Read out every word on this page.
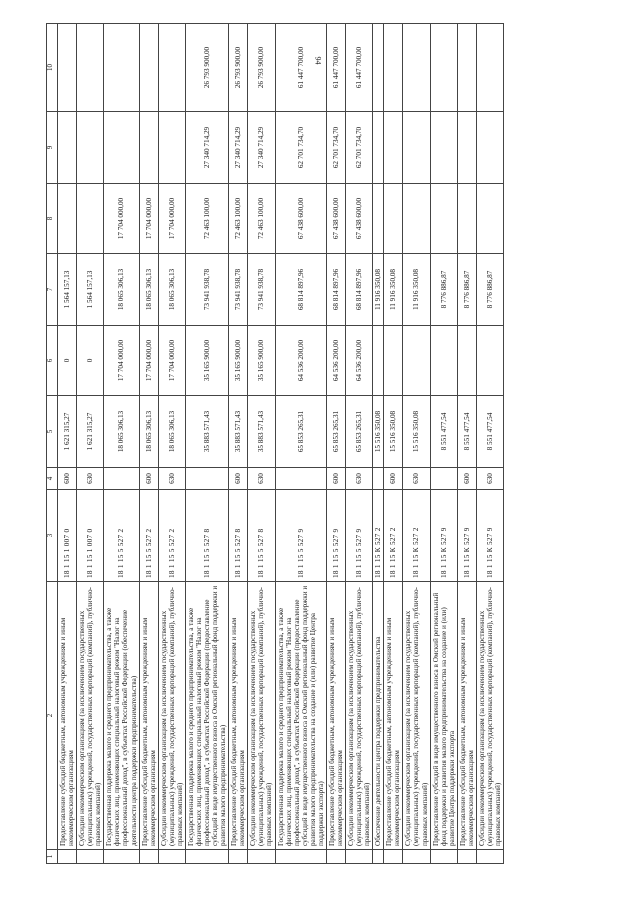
94
1	2	3	4	5	6	7	8	9	10
	Предоставление субсидий бюджетным, автономным учреждениям и иным некоммерческим организациям	18 1 15 1 007 0	600	1 621 315,27	0	1 564 157,13			
	Субсидии некоммерческим организациям (за исключением государственных (муниципальных) учреждений, государственных корпораций (компаний), публично-правовых компаний)	18 1 15 1 007 0	630	1 621 315,27	0	1 564 157,13			
	Государственная поддержка малого и среднего предпринимательства, а также физических лиц, применяющих специальный налоговый режим "Налог на профессиональный доход", в субъектах Российской Федерации (обеспечение деятельности центра поддержки предпринимательства)	18 1 15 5 527 2		18 065 306,13	17 704 000,00	18 065 306,13	17 704 000,00		
	Предоставление субсидий бюджетным, автономным учреждениям и иным некоммерческим организациям	18 1 15 5 527 2	600	18 065 306,13	17 704 000,00	18 065 306,13	17 704 000,00		
	Субсидии некоммерческим организациям (за исключением государственных (муниципальных) учреждений, государственных корпораций (компаний), публично-правовых компаний)	18 1 15 5 527 2	630	18 065 306,13	17 704 000,00	18 065 306,13	17 704 000,00		
	Государственная поддержка малого и среднего предпринимательства, а также физических лиц, применяющих специальный налоговый режим "Налог на профессиональный доход", в субъектах Российской Федерации (предоставление субсидий в виде имущественного взноса в Омский региональный фонд поддержки и развития малого предпринимательства)	18 1 15 5 527 8		35 883 571,43	35 165 900,00	73 941 938,78	72 463 100,00	27 340 714,29	26 793 900,00
	Предоставление субсидий бюджетным, автономным учреждениям и иным некоммерческим организациям	18 1 15 5 527 8	600	35 883 571,43	35 165 900,00	73 941 938,78	72 463 100,00	27 340 714,29	26 793 900,00
	Субсидии некоммерческим организациям (за исключением государственных (муниципальных) учреждений, государственных корпораций (компаний), публично-правовых компаний)	18 1 15 5 527 8	630	35 883 571,43	35 165 900,00	73 941 938,78	72 463 100,00	27 340 714,29	26 793 900,00
	Государственная поддержка малого и среднего предпринимательства, а также физических лиц, применяющих специальный налоговый режим "Налог на профессиональный доход", в субъектах Российской Федерации (предоставление субсидий в виде имущественного взноса в Омский региональный фонд поддержки и развития малого предпринимательства на создание и (или) развитие Центра поддержки экспорта)	18 1 15 5 527 9		65 853 265,31	64 536 200,00	68 814 897,96	67 438 600,00	62 701 734,70	61 447 700,00
	Предоставление субсидий бюджетным, автономным учреждениям и иным некоммерческим организациям	18 1 15 5 527 9	600	65 853 265,31	64 536 200,00	68 814 897,96	67 438 600,00	62 701 734,70	61 447 700,00
	Субсидии некоммерческим организациям (за исключением государственных (муниципальных) учреждений, государственных корпораций (компаний), публично-правовых компаний)	18 1 15 5 527 9	630	65 853 265,31	64 536 200,00	68 814 897,96	67 438 600,00	62 701 734,70	61 447 700,00
	Обеспечение деятельности центра поддержки предпринимательства	18 1 15 К 527 2		15 516 350,08		11 916 350,08			
	Предоставление субсидий бюджетным, автономным учреждениям и иным некоммерческим организациям	18 1 15 К 527 2	600	15 516 350,08		11 916 350,08			
	Субсидии некоммерческим организациям (за исключением государственных (муниципальных) учреждений, государственных корпораций (компаний), публично-правовых компаний)	18 1 15 К 527 2	630	15 516 350,08		11 916 350,08			
	Предоставление субсидий в виде имущественного взноса в Омский региональный фонд поддержки и развития малого предпринимательства на создание и (или) развитие Центра поддержки экспорта	18 1 15 К 527 9		8 551 477,54		8 776 886,87			
	Предоставление субсидий бюджетным, автономным учреждениям и иным некоммерческим организациям	18 1 15 К 527 9	600	8 551 477,54		8 776 886,87			
	Субсидии некоммерческим организациям (за исключением государственных (муниципальных) учреждений, государственных корпораций (компаний), публично-правовых компаний)	18 1 15 К 527 9	630	8 551 477,54		8 776 886,87			
